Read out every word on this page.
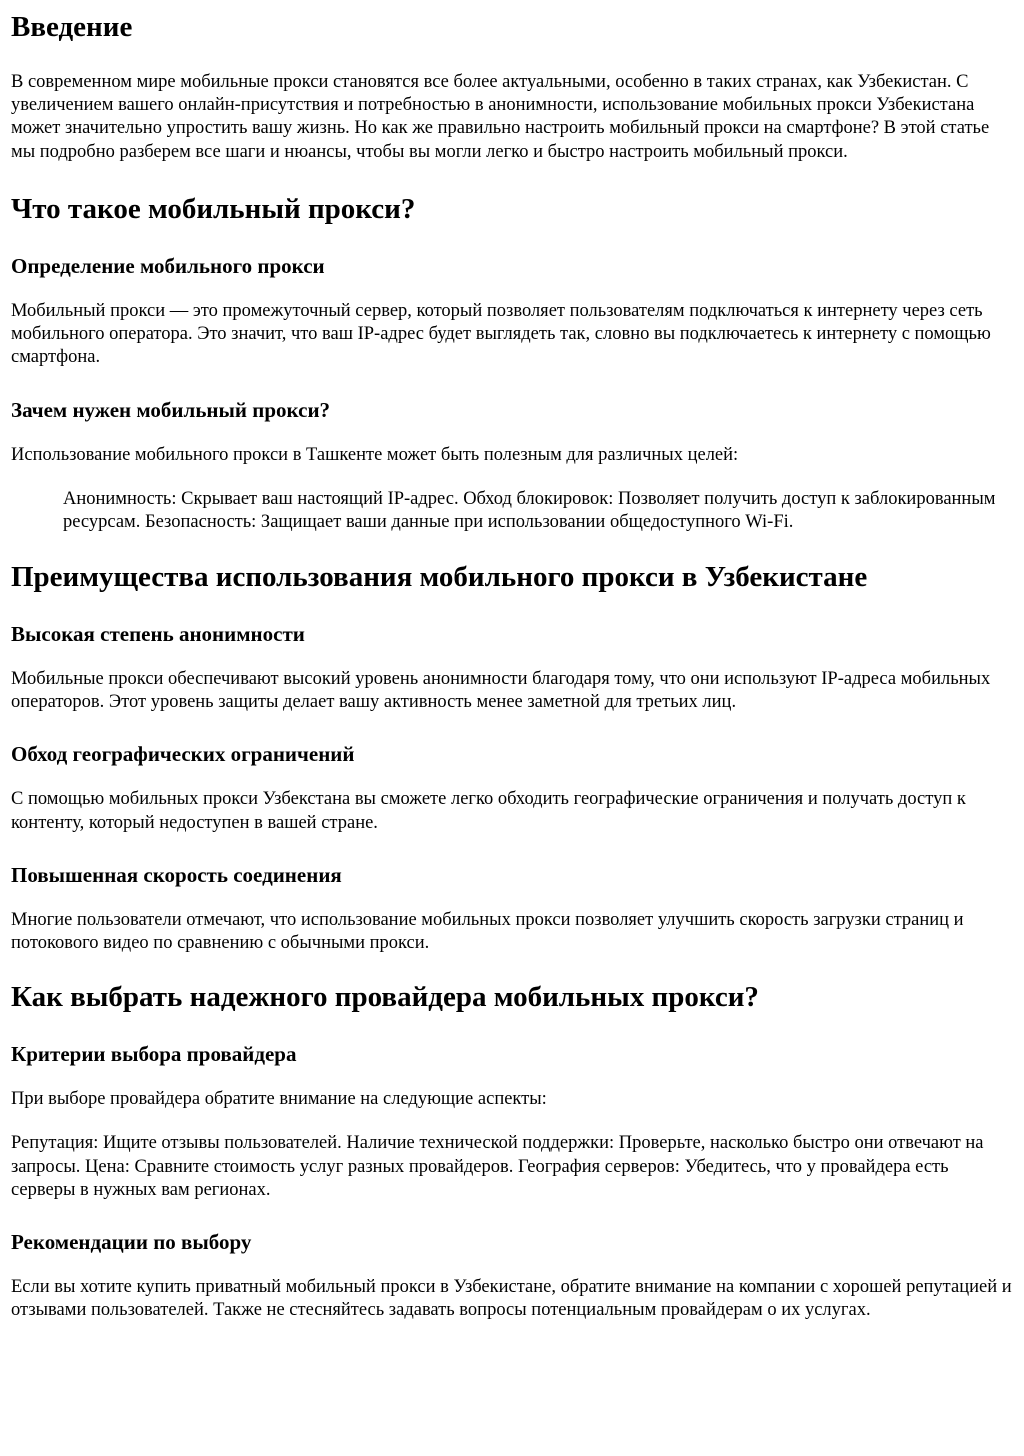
Введение

В современном мире мобильные прокси становятся все более актуальными, особенно в таких странах, как Узбекистан. С увеличением вашего онлайн-присутствия и потребностью в анонимности, использование мобильных прокси Узбекистана может значительно упростить вашу жизнь. Но как же правильно настроить мобильный прокси на смартфоне? В этой статье мы подробно разберем все шаги и нюансы, чтобы вы могли легко и быстро настроить мобильный прокси.

Что такое мобильный прокси?
Определение мобильного прокси

Мобильный прокси — это промежуточный сервер, который позволяет пользователям подключаться к интернету через сеть мобильного оператора. Это значит, что ваш IP-адрес будет выглядеть так, словно вы подключаетесь к интернету с помощью смартфона.

Зачем нужен мобильный прокси?

Использование мобильного прокси в Ташкенте может быть полезным для различных целей:

Анонимность: Скрывает ваш настоящий IP-адрес. Обход блокировок: Позволяет получить доступ к заблокированным ресурсам. Безопасность: Защищает ваши данные при использовании общедоступного Wi-Fi.
Преимущества использования мобильного прокси в Узбекистане
Высокая степень анонимности

Мобильные прокси обеспечивают высокий уровень анонимности благодаря тому, что они используют IP-адреса мобильных операторов. Этот уровень защиты делает вашу активность менее заметной для третьих лиц.

Обход географических ограничений

С помощью мобильных прокси Узбекстана вы сможете легко обходить географические ограничения и получать доступ к контенту, который недоступен в вашей стране.

Повышенная скорость соединения

Многие пользователи отмечают, что использование мобильных прокси позволяет улучшить скорость загрузки страниц и потокового видео по сравнению с обычными прокси.

Как выбрать надежного провайдера мобильных прокси?
Критерии выбора провайдера

При выборе провайдера обратите внимание на следующие аспекты:

Репутация: Ищите отзывы пользователей. Наличие технической поддержки: Проверьте, насколько быстро они отвечают на запросы. Цена: Сравните стоимость услуг разных провайдеров. География серверов: Убедитесь, что у провайдера есть серверы в нужных вам регионах.

Рекомендации по выбору

Если вы хотите купить приватный мобильный прокси в Узбекистане, обратите внимание на компании с хорошей репутацией и отзывами пользователей. Также не стесняйтесь задавать вопросы потенциальным провайдерам о их услугах.
